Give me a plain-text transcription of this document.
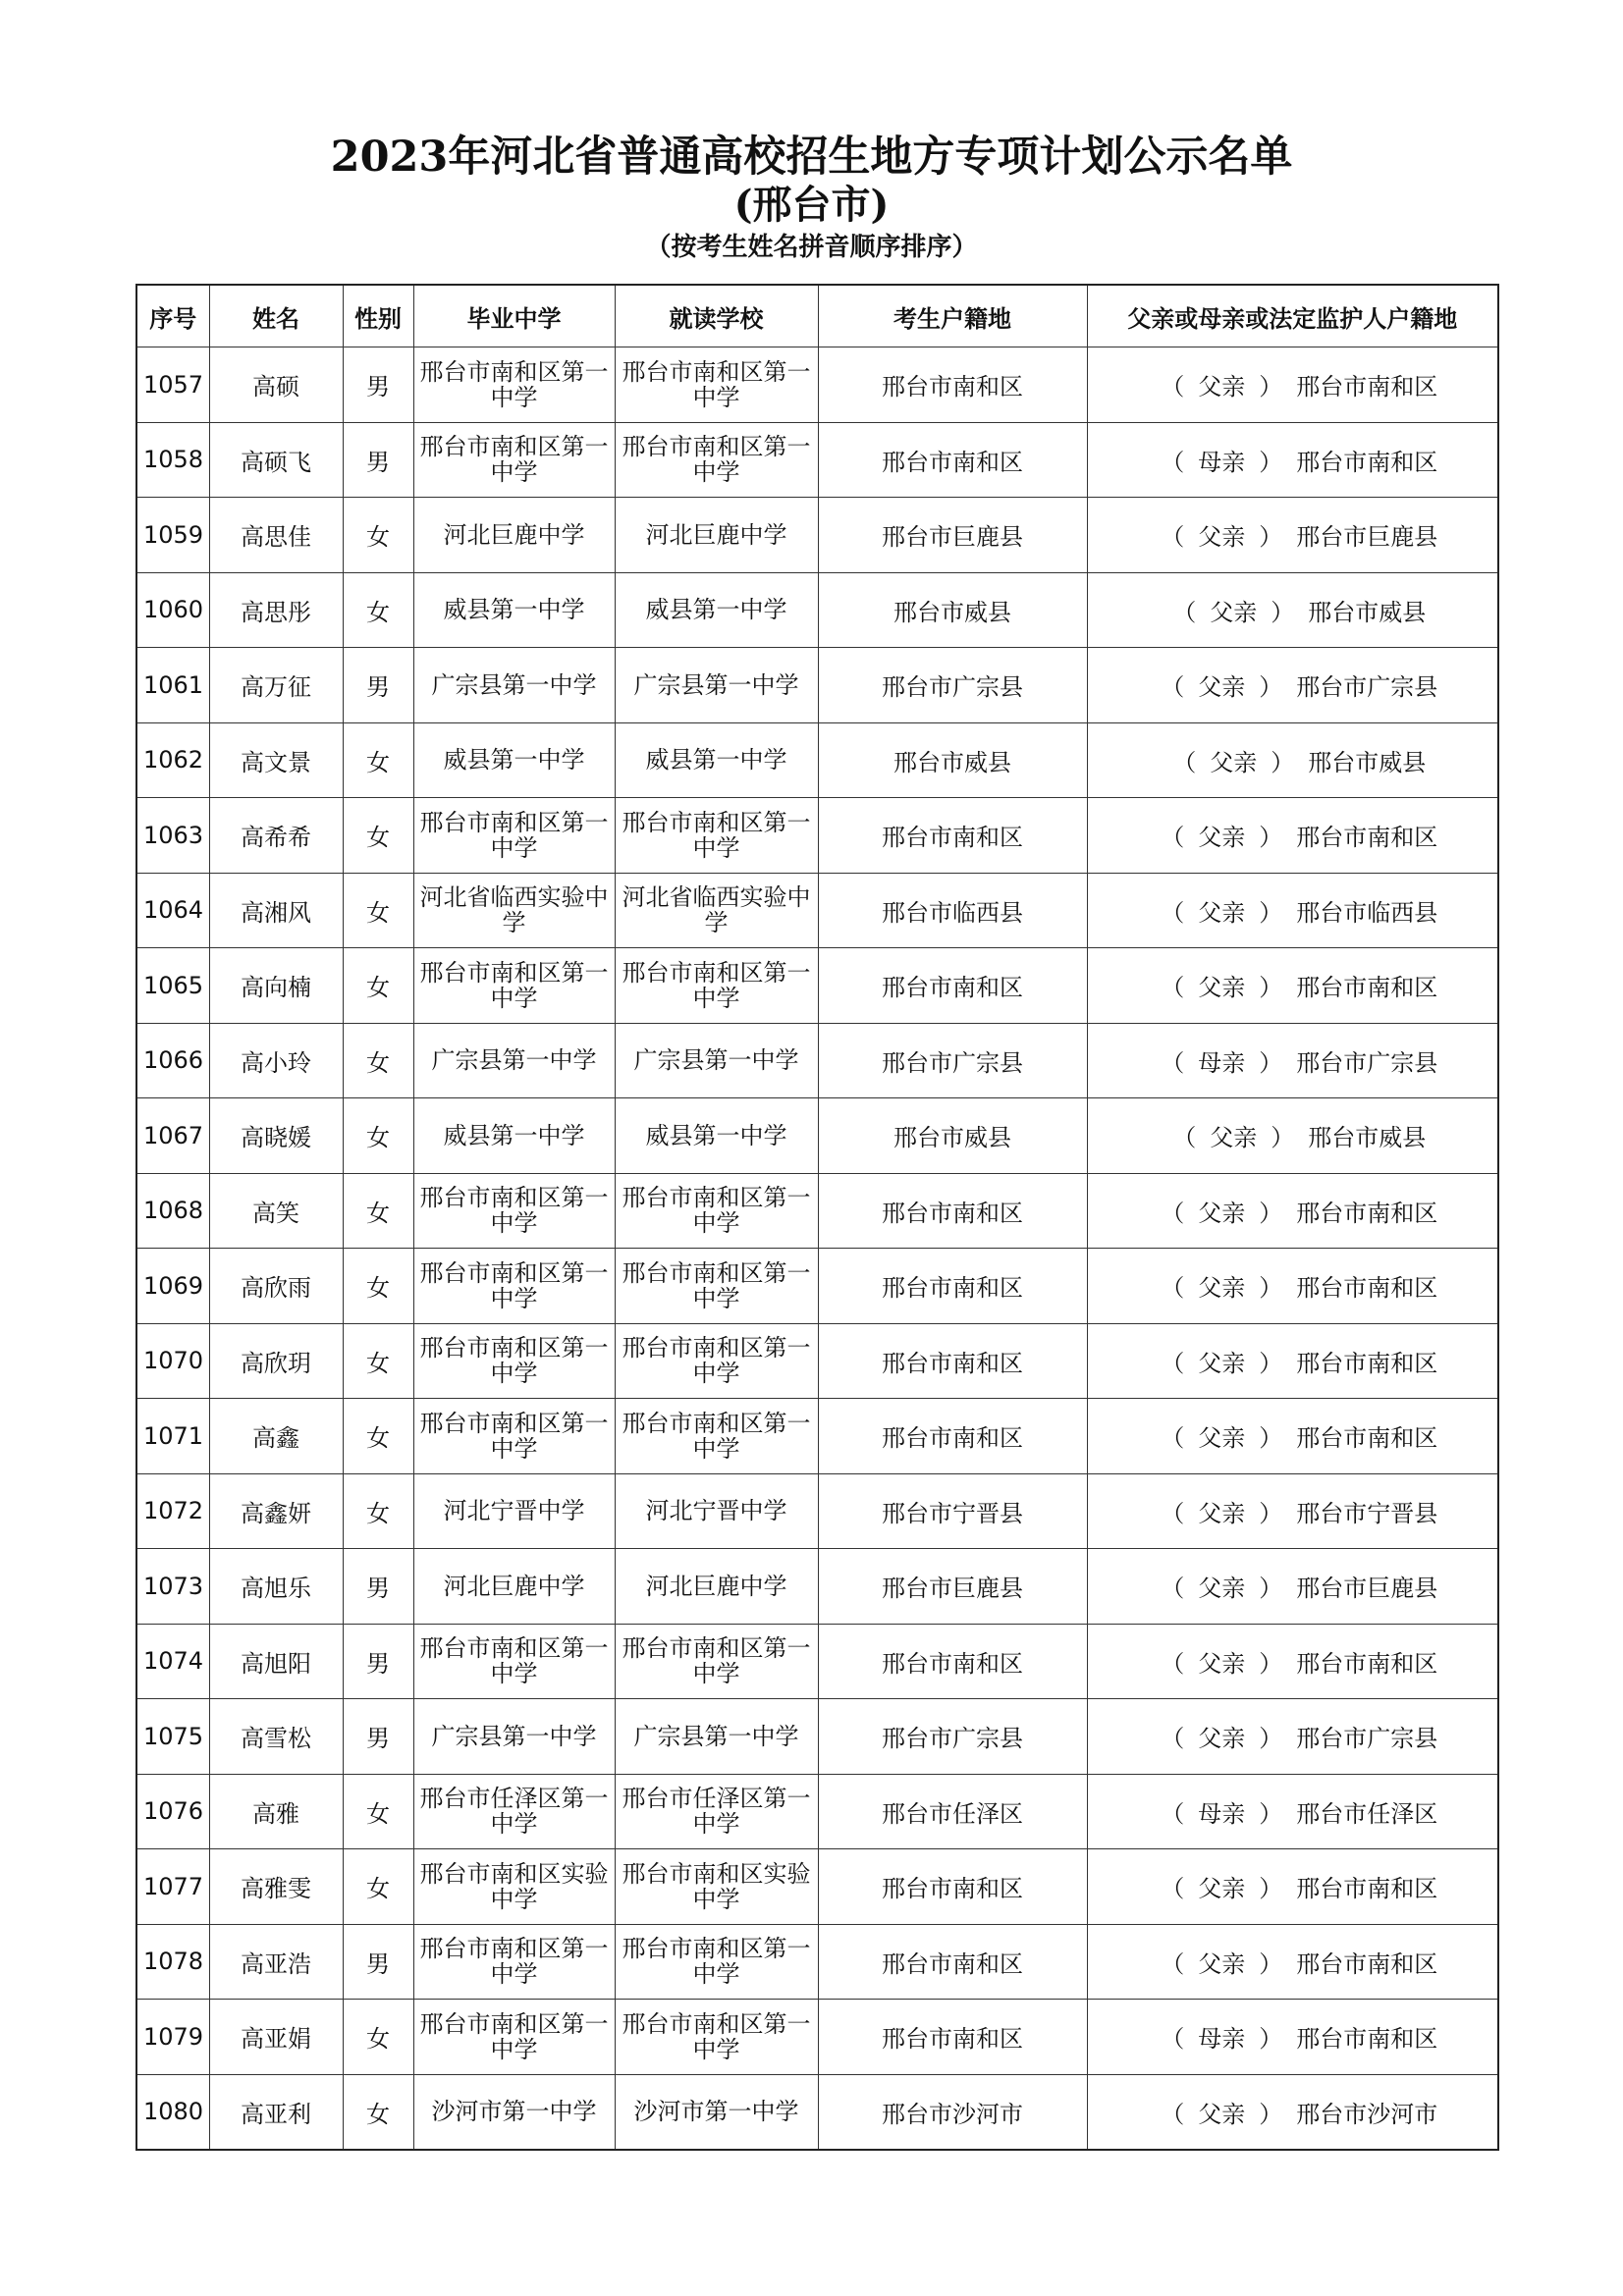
2023年河北省普通高校招生地方专项计划公示名单
(邢台市)
（按考生姓名拼音顺序排序）
序号	姓名	性别	毕业中学	就读学校	考生户籍地	父亲或母亲或法定监护人户籍地
1057	高硕	男	邢台市南和区第一中学	邢台市南和区第一中学	邢台市南和区	（ 父亲 ） 邢台市南和区
1058	高硕飞	男	邢台市南和区第一中学	邢台市南和区第一中学	邢台市南和区	（ 母亲 ） 邢台市南和区
1059	高思佳	女	河北巨鹿中学	河北巨鹿中学	邢台市巨鹿县	（ 父亲 ） 邢台市巨鹿县
1060	高思彤	女	威县第一中学	威县第一中学	邢台市威县	（ 父亲 ） 邢台市威县
1061	高万征	男	广宗县第一中学	广宗县第一中学	邢台市广宗县	（ 父亲 ） 邢台市广宗县
1062	高文景	女	威县第一中学	威县第一中学	邢台市威县	（ 父亲 ） 邢台市威县
1063	高希希	女	邢台市南和区第一中学	邢台市南和区第一中学	邢台市南和区	（ 父亲 ） 邢台市南和区
1064	高湘风	女	河北省临西实验中学	河北省临西实验中学	邢台市临西县	（ 父亲 ） 邢台市临西县
1065	高向楠	女	邢台市南和区第一中学	邢台市南和区第一中学	邢台市南和区	（ 父亲 ） 邢台市南和区
1066	高小玲	女	广宗县第一中学	广宗县第一中学	邢台市广宗县	（ 母亲 ） 邢台市广宗县
1067	高晓媛	女	威县第一中学	威县第一中学	邢台市威县	（ 父亲 ） 邢台市威县
1068	高笑	女	邢台市南和区第一中学	邢台市南和区第一中学	邢台市南和区	（ 父亲 ） 邢台市南和区
1069	高欣雨	女	邢台市南和区第一中学	邢台市南和区第一中学	邢台市南和区	（ 父亲 ） 邢台市南和区
1070	高欣玥	女	邢台市南和区第一中学	邢台市南和区第一中学	邢台市南和区	（ 父亲 ） 邢台市南和区
1071	高鑫	女	邢台市南和区第一中学	邢台市南和区第一中学	邢台市南和区	（ 父亲 ） 邢台市南和区
1072	高鑫妍	女	河北宁晋中学	河北宁晋中学	邢台市宁晋县	（ 父亲 ） 邢台市宁晋县
1073	高旭乐	男	河北巨鹿中学	河北巨鹿中学	邢台市巨鹿县	（ 父亲 ） 邢台市巨鹿县
1074	高旭阳	男	邢台市南和区第一中学	邢台市南和区第一中学	邢台市南和区	（ 父亲 ） 邢台市南和区
1075	高雪松	男	广宗县第一中学	广宗县第一中学	邢台市广宗县	（ 父亲 ） 邢台市广宗县
1076	高雅	女	邢台市任泽区第一中学	邢台市任泽区第一中学	邢台市任泽区	（ 母亲 ） 邢台市任泽区
1077	高雅雯	女	邢台市南和区实验中学	邢台市南和区实验中学	邢台市南和区	（ 父亲 ） 邢台市南和区
1078	高亚浩	男	邢台市南和区第一中学	邢台市南和区第一中学	邢台市南和区	（ 父亲 ） 邢台市南和区
1079	高亚娟	女	邢台市南和区第一中学	邢台市南和区第一中学	邢台市南和区	（ 母亲 ） 邢台市南和区
1080	高亚利	女	沙河市第一中学	沙河市第一中学	邢台市沙河市	（ 父亲 ） 邢台市沙河市
